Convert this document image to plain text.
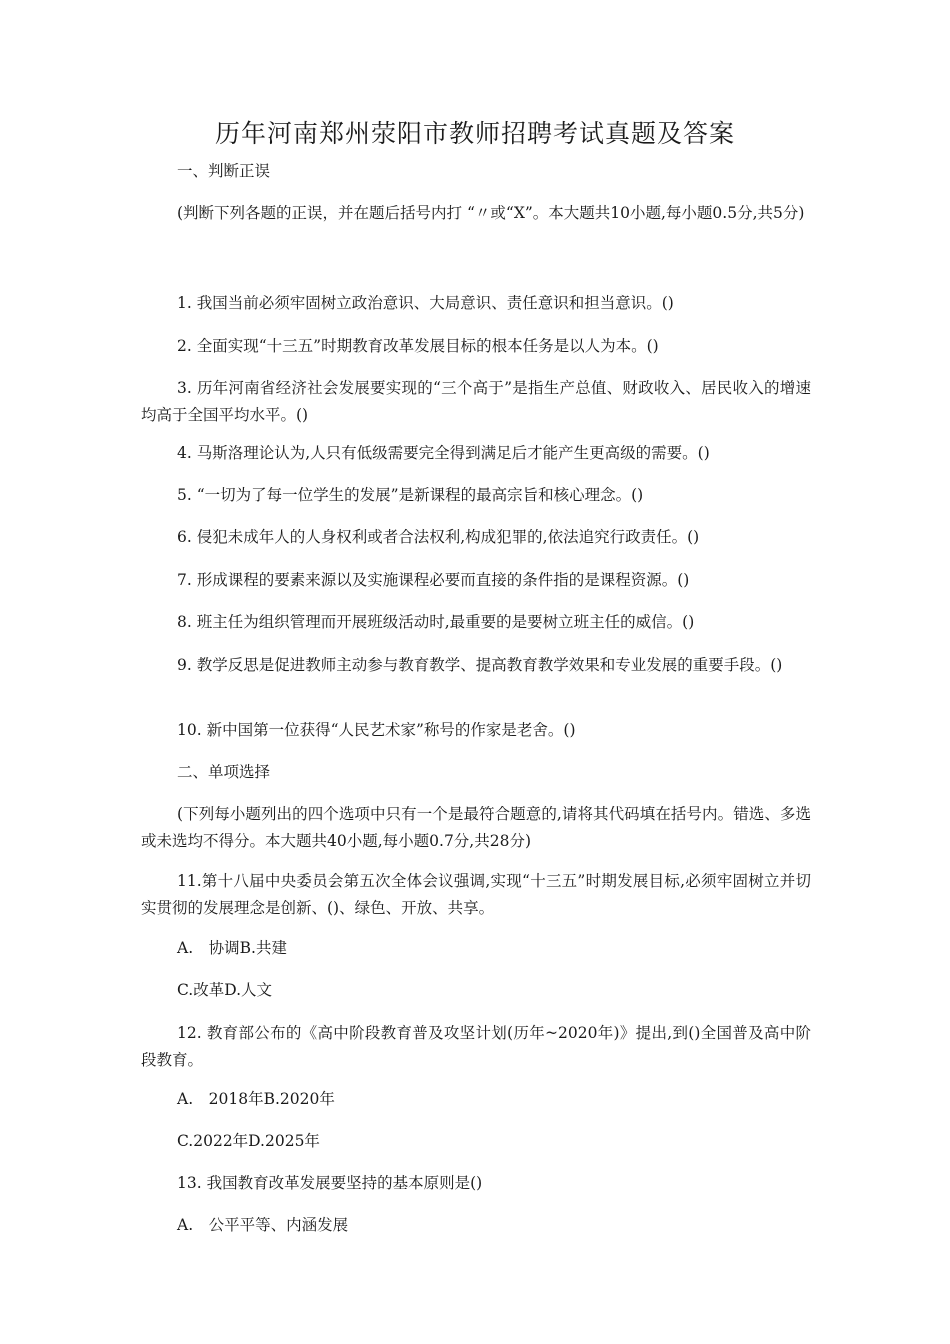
历年河南郑州荥阳市教师招聘考试真题及答案
一、判断正误
(判断下列各题的正误，并在题后括号内打 “〃或“X”。本大题共10小题,每小题0.5分,共5分)
1. 我国当前必须牢固树立政治意识、大局意识、责任意识和担当意识。()
2. 全面实现“十三五”时期教育改革发展目标的根本任务是以人为本。()
3. 历年河南省经济社会发展要实现的“三个高于”是指生产总值、财政收入、居民收入的增速均高于全国平均水平。()
4. 马斯洛理论认为,人只有低级需要完全得到满足后才能产生更高级的需要。()
5. “一切为了每一位学生的发展”是新课程的最高宗旨和核心理念。()
6. 侵犯未成年人的人身权利或者合法权利,构成犯罪的,依法追究行政责任。()
7. 形成课程的要素来源以及实施课程必要而直接的条件指的是课程资源。()
8. 班主任为组织管理而开展班级活动时,最重要的是要树立班主任的威信。()
9. 教学反思是促进教师主动参与教育教学、提高教育教学效果和专业发展的重要手段。()
10. 新中国第一位获得“人民艺术家”称号的作家是老舍。()
二、单项选择
(下列每小题列出的四个选项中只有一个是最符合题意的,请将其代码填在括号内。错选、多选或未选均不得分。本大题共40小题,每小题0.7分,共28分)
11.第十八届中央委员会第五次全体会议强调,实现“十三五”时期发展目标,必须牢固树立并切实贯彻的发展理念是创新、()、绿色、开放、共享。
A.　协调B.共建
C.改革D.人文
12. 教育部公布的《高中阶段教育普及攻坚计划(历年~2020年)》提出,到()全国普及高中阶段教育。
A.　2018年B.2020年
C.2022年D.2025年
13. 我国教育改革发展要坚持的基本原则是()
A.　公平平等、内涵发展
